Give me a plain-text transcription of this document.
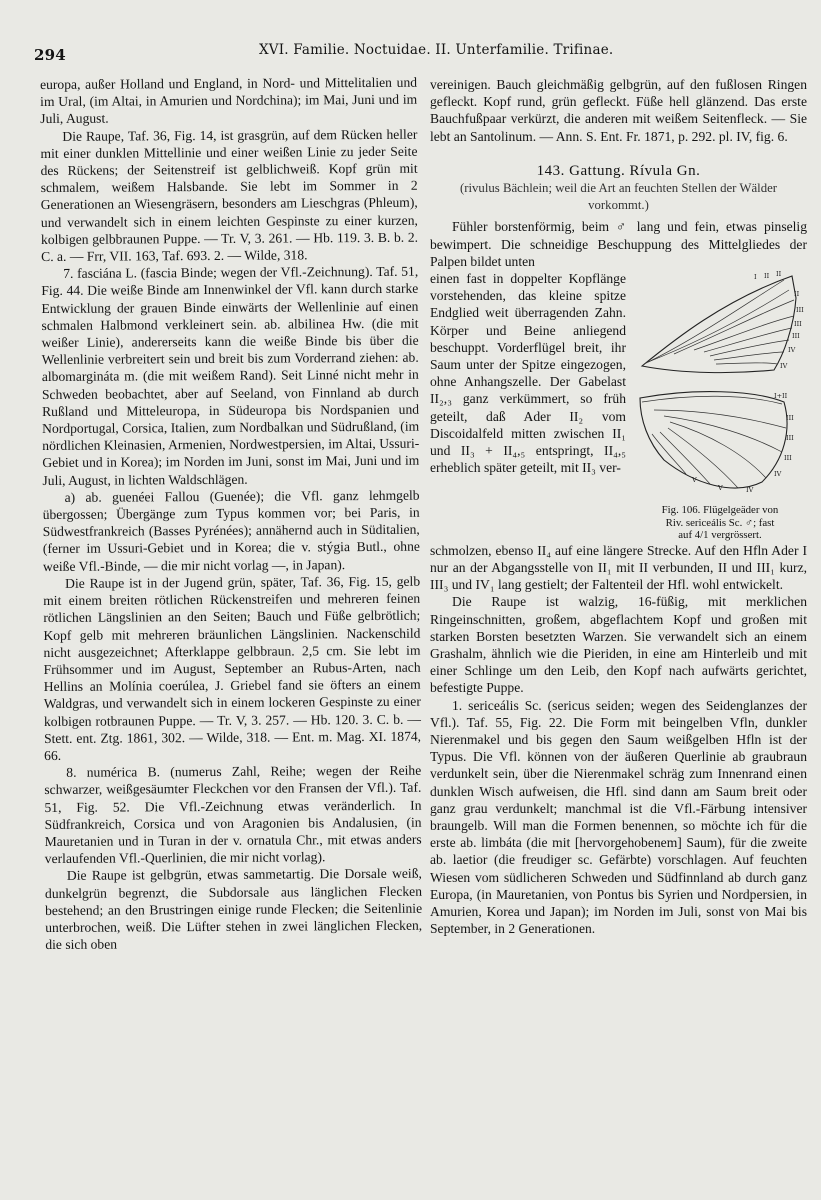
294	XVI. Familie. Noctuidae. II. Unterfamilie. Trifinae.

europa, außer Holland und England, in Nord- und Mittelitalien und im Ural, (im Altai, in Amurien und Nordchina); im Mai, Juni und im Juli, August.

Die Raupe, Taf. 36, Fig. 14, ist grasgrün, auf dem Rücken heller mit einer dunklen Mittellinie und einer weißen Linie zu jeder Seite des Rückens; der Seitenstreif ist gelblichweiß. Kopf grün mit schmalem, weißem Halsbande. Sie lebt im Sommer in 2 Generationen an Wiesengräsern, besonders am Lieschgras (Phleum), und verwandelt sich in einem leichten Gespinste zu einer kurzen, kolbigen gelbbraunen Puppe. — Tr. V, 3. 261. — Hb. 119. 3. B. b. 2. C. a. — Frr, VII. 163, Taf. 693. 2. — Wilde, 318.

7. fasciána L. (fascia Binde; wegen der Vfl.-Zeichnung). Taf. 51, Fig. 44. Die weiße Binde am Innenwinkel der Vfl. kann durch starke Entwicklung der grauen Binde einwärts der Wellenlinie auf einen schmalen Halbmond verkleinert sein. ab. albilinea Hw. (die mit weißer Linie), andererseits kann die weiße Binde bis über die Wellenlinie verbreitert sein und breit bis zum Vorderrand ziehen: ab. albomargináta m. (die mit weißem Rand). Seit Linné nicht mehr in Schweden beobachtet, aber auf Seeland, von Finnland ab durch Rußland und Mitteleuropa, in Südeuropa bis Nordspanien und Nordportugal, Corsica, Italien, zum Nordbalkan und Südrußland, (im nördlichen Kleinasien, Armenien, Nordwestpersien, im Altai, Ussuri-Gebiet und in Korea); im Norden im Juni, sonst im Mai, Juni und im Juli, August, in lichten Waldschlägen.

a) ab. guenéei Fallou (Guenée); die Vfl. ganz lehmgelb übergossen; Übergänge zum Typus kommen vor; bei Paris, in Südwestfrankreich (Basses Pyrénées); annähernd auch in Süditalien, (ferner im Ussuri-Gebiet und in Korea; die v. stýgia Butl., ohne weiße Vfl.-Binde, — die mir nicht vorlag —, in Japan).

Die Raupe ist in der Jugend grün, später, Taf. 36, Fig. 15, gelb mit einem breiten rötlichen Rückenstreifen und mehreren feinen rötlichen Längslinien an den Seiten; Bauch und Füße gelbrötlich; Kopf gelb mit mehreren bräunlichen Längslinien. Nackenschild nicht ausgezeichnet; Afterklappe gelbbraun. 2,5 cm. Sie lebt im Frühsommer und im August, September an Rubus-Arten, nach Hellins an Molínia coerúlea, J. Griebel fand sie öfters an einem Waldgras, und verwandelt sich in einem lockeren Gespinste zu einer kolbigen rotbraunen Puppe. — Tr. V, 3. 257. — Hb. 120. 3. C. b. — Stett. ent. Ztg. 1861, 302. — Wilde, 318. — Ent. m. Mag. XI. 1874, 66.

8. numérica B. (numerus Zahl, Reihe; wegen der Reihe schwarzer, weißgesäumter Fleckchen vor den Fransen der Vfl.). Taf. 51, Fig. 52. Die Vfl.-Zeichnung etwas veränderlich. In Südfrankreich, Corsica und von Aragonien bis Andalusien, (in Mauretanien und in Turan in der v. ornatula Chr., mit etwas anders verlaufenden Vfl.-Querlinien, die mir nicht vorlag).

Die Raupe ist gelbgrün, etwas sammetartig. Die Dorsale weiß, dunkelgrün begrenzt, die Subdorsale aus länglichen Flecken bestehend; an den Brustringen einige runde Flecken; die Seitenlinie unterbrochen, weiß. Die Lüfter stehen in zwei länglichen Flecken, die sich oben

vereinigen. Bauch gleichmäßig gelbgrün, auf den fußlosen Ringen gefleckt. Kopf rund, grün gefleckt. Füße hell glänzend. Das erste Bauchfußpaar verkürzt, die anderen mit weißem Seitenfleck. — Sie lebt an Santolinum. — Ann. S. Ent. Fr. 1871, p. 292. pl. IV, fig. 6.

143. Gattung. Rívula Gn.
(rivulus Bächlein; weil die Art an feuchten Stellen der Wälder vorkommt.)

Fühler borstenförmig, beim ♂ lang und fein, etwas pinselig bewimpert. Die schneidige Beschuppung des Mittelgliedes der Palpen bildet unten

einen fast in doppelter Kopflänge vorstehenden, das kleine spitze Endglied weit überragenden Zahn. Körper und Beine anliegend beschuppt. Vorderflügel breit, ihr Saum unter der Spitze eingezogen, ohne Anhangszelle. Der Gabelast II₂,₃ ganz verkümmert, so früh geteilt, daß Ader II₂ vom Discoidalfeld mitten zwischen II₁ und II₃ + II₄,₅ entspringt, II₄,₅ erheblich später geteilt, mit II₃ ver-

I II II
II
III
III
III
IV
IV
I+II
III
III
III
IV
IV
V
V
Fig. 106. Flügelgeäder von
Riv. sericeális Sc. ♂; fast
auf 4/1 vergrössert.

schmolzen, ebenso II₄ auf eine längere Strecke. Auf den Hfln Ader I nur an der Abgangsstelle von II₁ mit II verbunden, II und III₁ kurz, III₃ und IV₁ lang gestielt; der Faltenteil der Hfl. wohl entwickelt.

Die Raupe ist walzig, 16-füßig, mit merklichen Ringeinschnitten, großem, abgeflachtem Kopf und großen mit starken Borsten besetzten Warzen. Sie verwandelt sich an einem Grashalm, ähnlich wie die Pieriden, in eine am Hinterleib und mit einer Schlinge um den Leib, den Kopf nach aufwärts gerichtet, befestigte Puppe.

1. sericeális Sc. (sericus seiden; wegen des Seidenglanzes der Vfl.). Taf. 55, Fig. 22. Die Form mit beingelben Vfln, dunkler Nierenmakel und bis gegen den Saum weißgelben Hfln ist der Typus. Die Vfl. können von der äußeren Querlinie ab graubraun verdunkelt sein, über die Nierenmakel schräg zum Innenrand einen dunklen Wisch aufweisen, die Hfl. sind dann am Saum breit oder ganz grau verdunkelt; manchmal ist die Vfl.-Färbung intensiver braungelb. Will man die Formen benennen, so möchte ich für die erste ab. limbáta (die mit [hervorgehobenem] Saum), für die zweite ab. laetior (die freudiger sc. Gefärbte) vorschlagen. Auf feuchten Wiesen vom südlicheren Schweden und Südfinnland ab durch ganz Europa, (in Mauretanien, von Pontus bis Syrien und Nordpersien, in Amurien, Korea und Japan); im Norden im Juli, sonst von Mai bis September, in 2 Generationen.
